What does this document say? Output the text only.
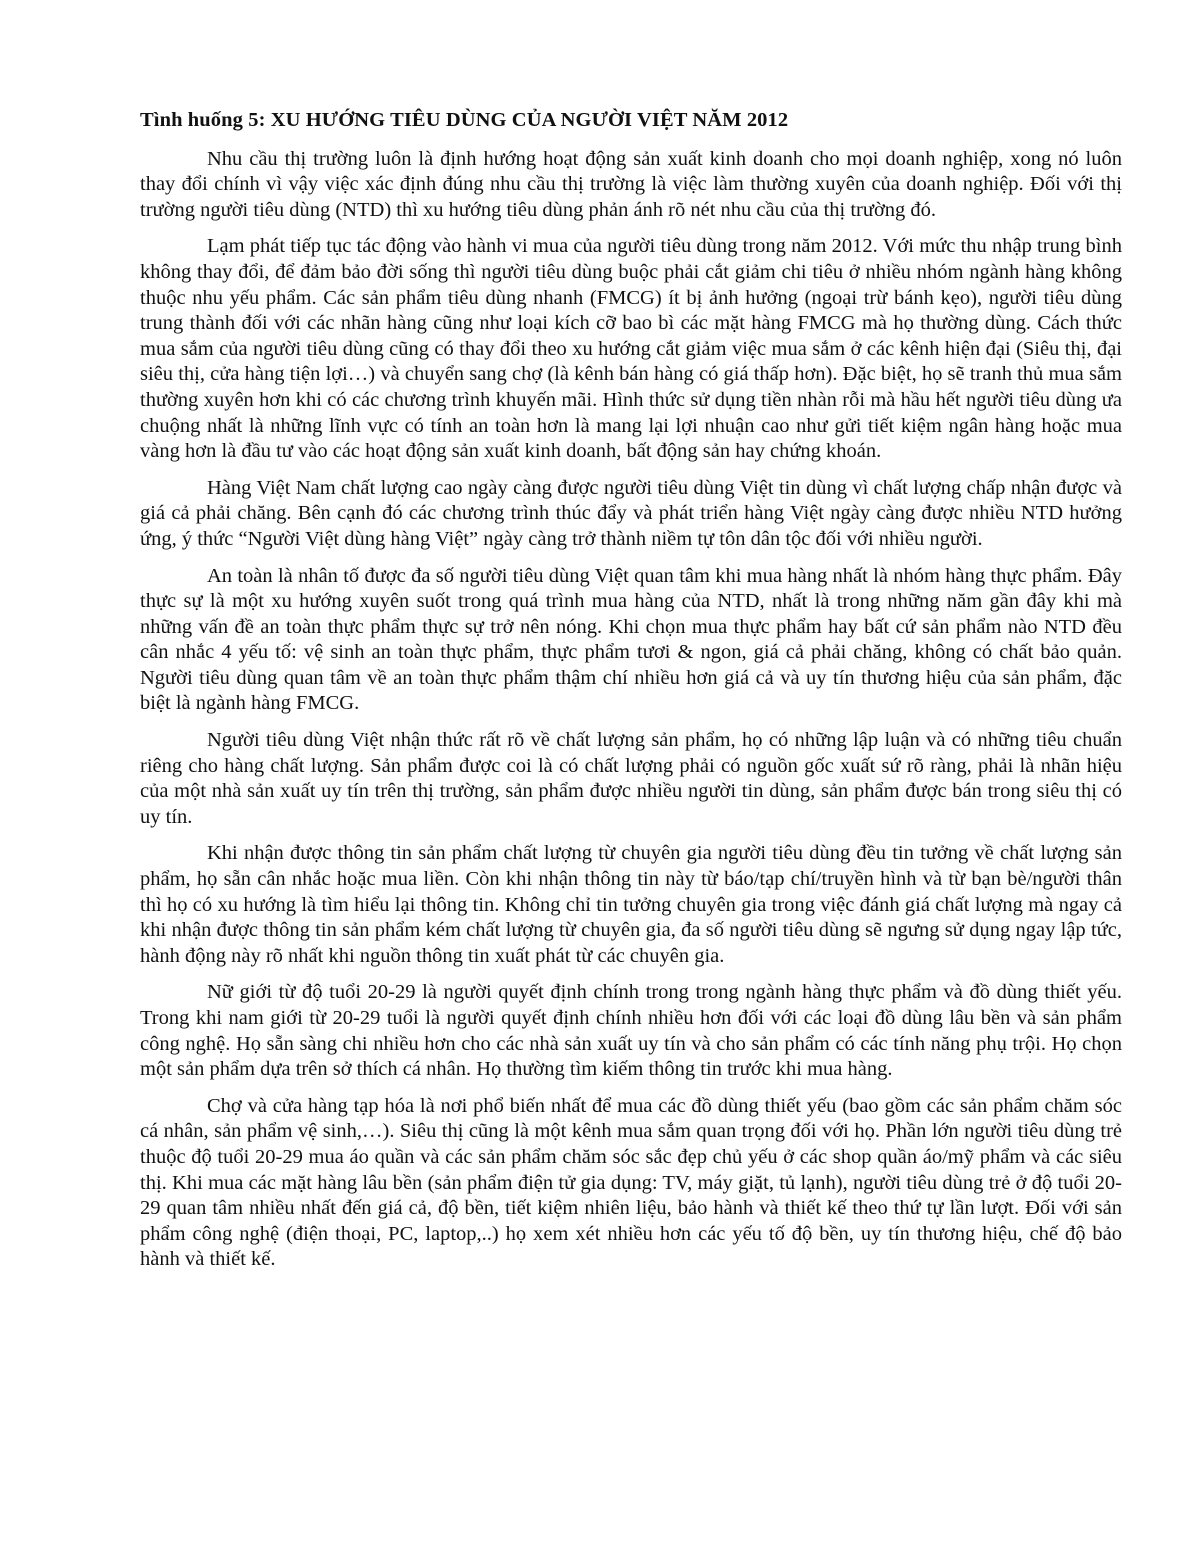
Tình huống 5: XU HƯỚNG TIÊU DÙNG CỦA NGƯỜI VIỆT NĂM 2012

Nhu cầu thị trường luôn là định hướng hoạt động sản xuất kinh doanh cho mọi doanh nghiệp, xong nó luôn thay đổi chính vì vậy việc xác định đúng nhu cầu thị trường là việc làm thường xuyên của doanh nghiệp. Đối với thị trường người tiêu dùng (NTD) thì xu hướng tiêu dùng phản ánh rõ nét nhu cầu của thị trường đó.

Lạm phát tiếp tục tác động vào hành vi mua của người tiêu dùng trong năm 2012. Với mức thu nhập trung bình không thay đổi, để đảm bảo đời sống thì người tiêu dùng buộc phải cắt giảm chi tiêu ở nhiều nhóm ngành hàng không thuộc nhu yếu phẩm. Các sản phẩm tiêu dùng nhanh (FMCG) ít bị ảnh hưởng (ngoại trừ bánh kẹo), người tiêu dùng trung thành đối với các nhãn hàng cũng như loại kích cỡ bao bì các mặt hàng FMCG mà họ thường dùng. Cách thức mua sắm của người tiêu dùng cũng có thay đổi theo xu hướng cắt giảm việc mua sắm ở các kênh hiện đại (Siêu thị, đại siêu thị, cửa hàng tiện lợi…) và chuyển sang chợ (là kênh bán hàng có giá thấp hơn). Đặc biệt, họ sẽ tranh thủ mua sắm thường xuyên hơn khi có các chương trình khuyến mãi. Hình thức sử dụng tiền nhàn rỗi mà hầu hết người tiêu dùng ưa chuộng nhất là những lĩnh vực có tính an toàn hơn là mang lại lợi nhuận cao như gửi tiết kiệm ngân hàng hoặc mua vàng hơn là đầu tư vào các hoạt động sản xuất kinh doanh, bất động sản hay chứng khoán.

Hàng Việt Nam chất lượng cao ngày càng được người tiêu dùng Việt tin dùng vì chất lượng chấp nhận được và giá cả phải chăng. Bên cạnh đó các chương trình thúc đẩy và phát triển hàng Việt ngày càng được nhiều NTD hưởng ứng, ý thức “Người Việt dùng hàng Việt” ngày càng trở thành niềm tự tôn dân tộc đối với nhiều người.

An toàn là nhân tố được đa số người tiêu dùng Việt quan tâm khi mua hàng nhất là nhóm hàng thực phẩm. Đây thực sự là một xu hướng xuyên suốt trong quá trình mua hàng của NTD, nhất là trong những năm gần đây khi mà những vấn đề an toàn thực phẩm thực sự trở nên nóng. Khi chọn mua thực phẩm hay bất cứ sản phẩm nào NTD đều cân nhắc 4 yếu tố: vệ sinh an toàn thực phẩm, thực phẩm tươi & ngon, giá cả phải chăng, không có chất bảo quản. Người tiêu dùng quan tâm về an toàn thực phẩm thậm chí nhiều hơn giá cả và uy tín thương hiệu của sản phẩm, đặc biệt là ngành hàng FMCG.

Người tiêu dùng Việt nhận thức rất rõ về chất lượng sản phẩm, họ có những lập luận và có những tiêu chuẩn riêng cho hàng chất lượng. Sản phẩm được coi là có chất lượng phải có nguồn gốc xuất sứ rõ ràng, phải là nhãn hiệu của một nhà sản xuất uy tín trên thị trường, sản phẩm được nhiều người tin dùng, sản phẩm được bán trong siêu thị có uy tín.

Khi nhận được thông tin sản phẩm chất lượng từ chuyên gia người tiêu dùng đều tin tưởng về chất lượng sản phẩm, họ sẵn cân nhắc hoặc mua liền. Còn khi nhận thông tin này từ báo/tạp chí/truyền hình và từ bạn bè/người thân thì họ có xu hướng là tìm hiểu lại thông tin. Không chỉ tin tưởng chuyên gia trong việc đánh giá chất lượng mà ngay cả khi nhận được thông tin sản phẩm kém chất lượng từ chuyên gia, đa số người tiêu dùng sẽ ngưng sử dụng ngay lập tức, hành động này rõ nhất khi nguồn thông tin xuất phát từ các chuyên gia.

Nữ giới từ độ tuổi 20-29 là người quyết định chính trong trong ngành hàng thực phẩm và đồ dùng thiết yếu. Trong khi nam giới từ 20-29 tuổi là người quyết định chính nhiều hơn đối với các loại đồ dùng lâu bền và sản phẩm công nghệ. Họ sẵn sàng chi nhiều hơn cho các nhà sản xuất uy tín và cho sản phẩm có các tính năng phụ trội. Họ chọn một sản phẩm dựa trên sở thích cá nhân. Họ thường tìm kiếm thông tin trước khi mua hàng.

Chợ và cửa hàng tạp hóa là nơi phổ biến nhất để mua các đồ dùng thiết yếu (bao gồm các sản phẩm chăm sóc cá nhân, sản phẩm vệ sinh,…). Siêu thị cũng là một kênh mua sắm quan trọng đối với họ. Phần lớn người tiêu dùng trẻ thuộc độ tuổi 20-29 mua áo quần và các sản phẩm chăm sóc sắc đẹp chủ yếu ở các shop quần áo/mỹ phẩm và các siêu thị. Khi mua các mặt hàng lâu bền (sản phẩm điện tử gia dụng: TV, máy giặt, tủ lạnh), người tiêu dùng trẻ ở độ tuổi 20-29 quan tâm nhiều nhất đến giá cả, độ bền, tiết kiệm nhiên liệu, bảo hành và thiết kế theo thứ tự lần lượt. Đối với sản phẩm công nghệ (điện thoại, PC, laptop,..) họ xem xét nhiều hơn các yếu tố độ bền, uy tín thương hiệu, chế độ bảo hành và thiết kế.
